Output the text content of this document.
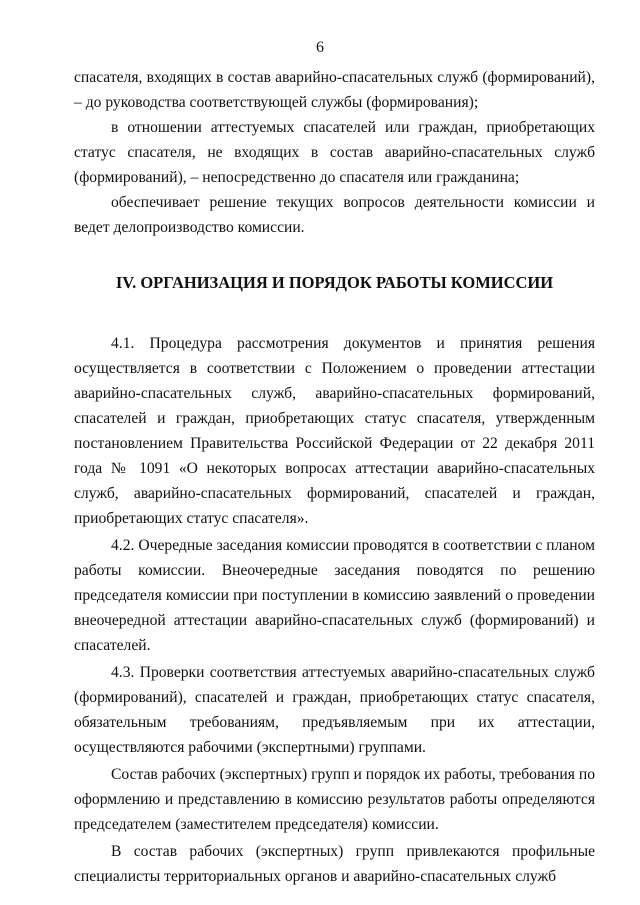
6

спасателя, входящих в состав аварийно-спасательных служб (формирований), – до руководства соответствующей службы (формирования);

в отношении аттестуемых спасателей или граждан, приобретающих статус спасателя, не входящих в состав аварийно-спасательных служб (формирований), – непосредственно до спасателя или гражданина;

обеспечивает решение текущих вопросов деятельности комиссии и ведет делопроизводство комиссии.

IV. ОРГАНИЗАЦИЯ И ПОРЯДОК РАБОТЫ КОМИССИИ

4.1. Процедура рассмотрения документов и принятия решения осуществляется в соответствии с Положением о проведении аттестации аварийно-спасательных служб, аварийно-спасательных формирований, спасателей и граждан, приобретающих статус спасателя, утвержденным постановлением Правительства Российской Федерации от 22 декабря 2011 года № 1091 «О некоторых вопросах аттестации аварийно-спасательных служб, аварийно-спасательных формирований, спасателей и граждан, приобретающих статус спасателя».

4.2. Очередные заседания комиссии проводятся в соответствии с планом работы комиссии. Внеочередные заседания поводятся по решению председателя комиссии при поступлении в комиссию заявлений о проведении внеочередной аттестации аварийно-спасательных служб (формирований) и спасателей.

4.3. Проверки соответствия аттестуемых аварийно-спасательных служб (формирований), спасателей и граждан, приобретающих статус спасателя, обязательным требованиям, предъявляемым при их аттестации, осуществляются рабочими (экспертными) группами.

Состав рабочих (экспертных) групп и порядок их работы, требования по оформлению и представлению в комиссию результатов работы определяются председателем (заместителем председателя) комиссии.

В состав рабочих (экспертных) групп привлекаются профильные специалисты территориальных органов и аварийно-спасательных служб
